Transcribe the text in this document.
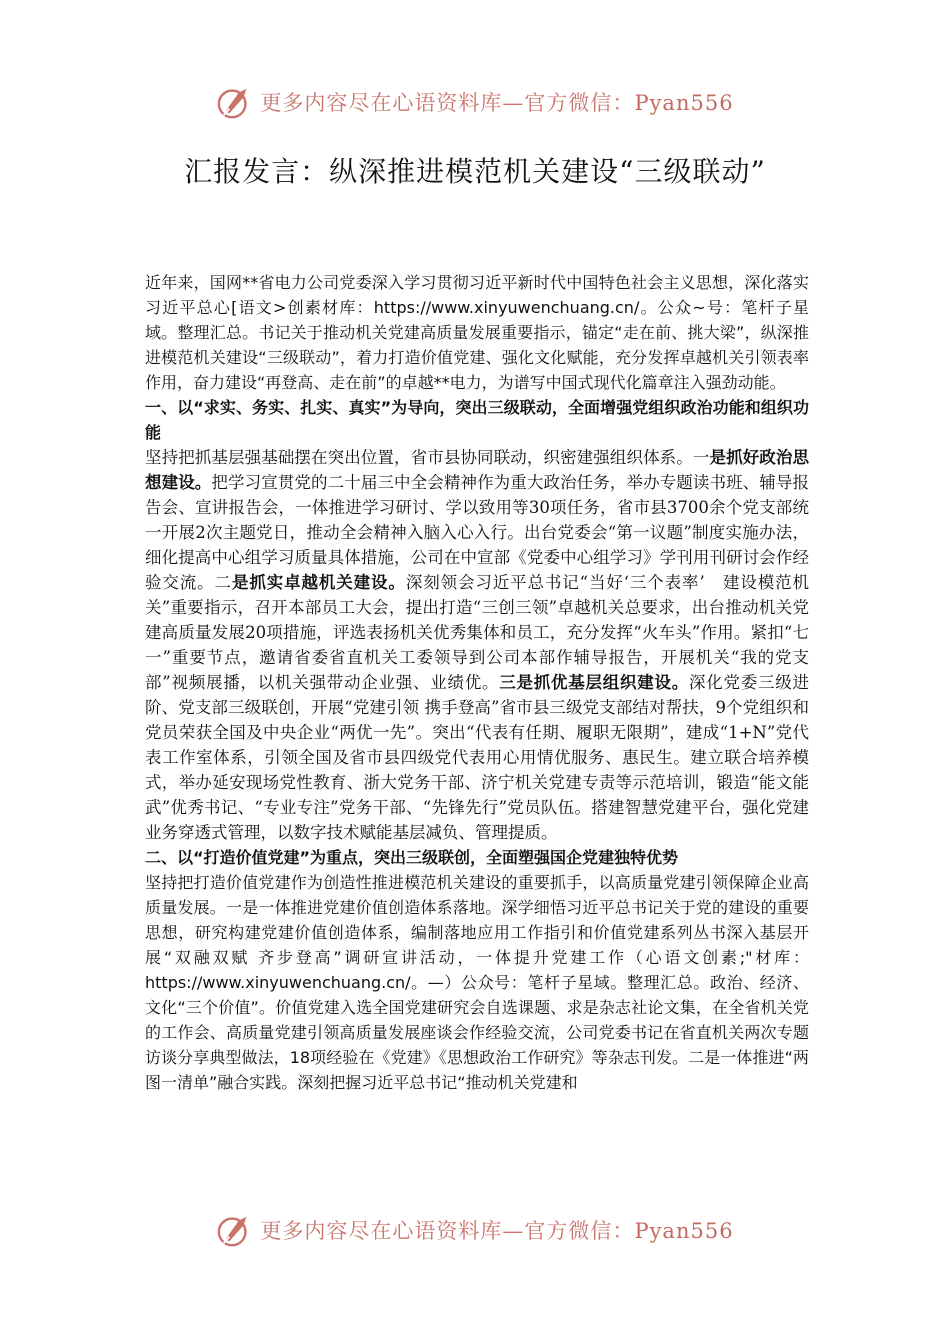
更多内容尽在心语资料库—官方微信：Pyan556
汇报发言：纵深推进模范机关建设“三级联动”

近年来，国网**省电力公司党委深入学习贯彻习近平新时代中国特色社会主义思想，深化落实习近平总心[语文>创素材库：https://www.xinyuwenchuang.cn/。公众~号：笔杆子星域。整理汇总。书记关于推动机关党建高质量发展重要指示，锚定“走在前、挑大梁”，纵深推进模范机关建设“三级联动”，着力打造价值党建、强化文化赋能，充分发挥卓越机关引领表率作用，奋力建设“再登高、走在前”的卓越**电力，为谱写中国式现代化篇章注入强劲动能。

一、以“求实、务实、扎实、真实”为导向，突出三级联动，全面增强党组织政治功能和组织功能

坚持把抓基层强基础摆在突出位置，省市县协同联动，织密建强组织体系。一是抓好政治思想建设。把学习宣贯党的二十届三中全会精神作为重大政治任务，举办专题读书班、辅导报告会、宣讲报告会，一体推进学习研讨、学以致用等30项任务，省市县3700余个党支部统一开展2次主题党日，推动全会精神入脑入心入行。出台党委会“第一议题”制度实施办法，细化提高中心组学习质量具体措施，公司在中宣部《党委中心组学习》学刊用刊研讨会作经验交流。二是抓实卓越机关建设。深刻领会习近平总书记“当好‘三个表率’　建设模范机关”重要指示，召开本部员工大会，提出打造“三创三领”卓越机关总要求，出台推动机关党建高质量发展20项措施，评选表扬机关优秀集体和员工，充分发挥“火车头”作用。紧扣“七一”重要节点，邀请省委省直机关工委领导到公司本部作辅导报告，开展机关“我的党支部”视频展播，以机关强带动企业强、业绩优。三是抓优基层组织建设。深化党委三级进阶、党支部三级联创，开展“党建引领 携手登高”省市县三级党支部结对帮扶，9个党组织和党员荣获全国及中央企业“两优一先”。突出“代表有任期、履职无限期”，建成“1+N”党代表工作室体系，引领全国及省市县四级党代表用心用情优服务、惠民生。建立联合培养模式，举办延安现场党性教育、浙大党务干部、济宁机关党建专责等示范培训，锻造“能文能武”优秀书记、“专业专注”党务干部、“先锋先行”党员队伍。搭建智慧党建平台，强化党建业务穿透式管理，以数字技术赋能基层减负、管理提质。

二、以“打造价值党建”为重点，突出三级联创，全面塑强国企党建独特优势

坚持把打造价值党建作为创造性推进模范机关建设的重要抓手，以高质量党建引领保障企业高质量发展。一是一体推进党建价值创造体系落地。深学细悟习近平总书记关于党的建设的重要思想，研究构建党建价值创造体系，编制落地应用工作指引和价值党建系列丛书深入基层开展“双融双赋 齐步登高”调研宣讲活动，一体提升党建工作（心语文创素;"材库：https://www.xinyuwenchuang.cn/。—）公众号：笔杆子星域。整理汇总。政治、经济、文化“三个价值”。价值党建入选全国党建研究会自选课题、求是杂志社论文集，在全省机关党的工作会、高质量党建引领高质量发展座谈会作经验交流，公司党委书记在省直机关两次专题访谈分享典型做法，18项经验在《党建》《思想政治工作研究》等杂志刊发。二是一体推进“两图一清单”融合实践。深刻把握习近平总书记“推动机关党建和

更多内容尽在心语资料库—官方微信：Pyan556
